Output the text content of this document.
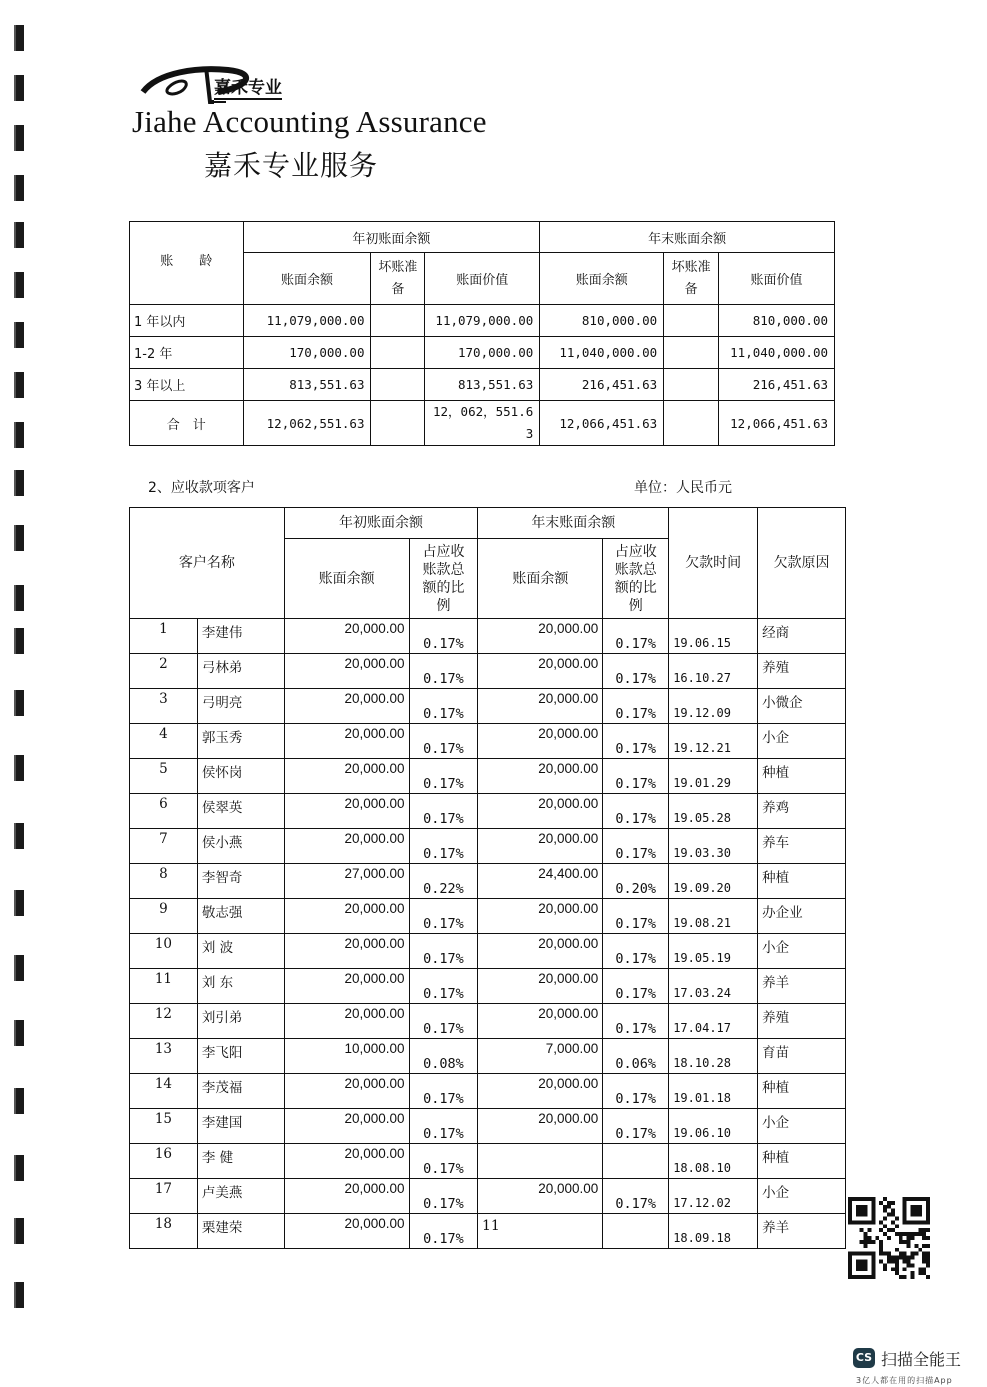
嘉禾专业
Jiahe Accounting Assurance
嘉禾专业服务
账　　龄	年初账面余额			年末账面余额		
	账面余额	坏账准备	账面价值	账面余额	坏账准备	账面价值
1 年以内	11,079,000.00		11,079,000.00	810,000.00		810,000.00
1-2 年	170,000.00		170,000.00	11,040,000.00		11,040,000.00
3 年以上	813,551.63		813,551.63	216,451.63		216,451.63
合　计	12,062,551.63		12，062，551.63	12,066,451.63		12,066,451.63
2、应收款项客户	单位：人民币元
客户名称		年初账面余额		年末账面余额		欠款时间	欠款原因
		账面余额	占应收账款总额的比例	账面余额	占应收账款总额的比例		
1	李建伟	20,000.00	0.17%	20,000.00	0.17%	19.06.15	经商
2	弓林弟	20,000.00	0.17%	20,000.00	0.17%	16.10.27	养殖
3	弓明亮	20,000.00	0.17%	20,000.00	0.17%	19.12.09	小微企
4	郭玉秀	20,000.00	0.17%	20,000.00	0.17%	19.12.21	小企
5	侯怀岗	20,000.00	0.17%	20,000.00	0.17%	19.01.29	种植
6	侯翠英	20,000.00	0.17%	20,000.00	0.17%	19.05.28	养鸡
7	侯小燕	20,000.00	0.17%	20,000.00	0.17%	19.03.30	养车
8	李智奇	27,000.00	0.22%	24,400.00	0.20%	19.09.20	种植
9	敬志强	20,000.00	0.17%	20,000.00	0.17%	19.08.21	办企业
10	刘 波	20,000.00	0.17%	20,000.00	0.17%	19.05.19	小企
11	刘 东	20,000.00	0.17%	20,000.00	0.17%	17.03.24	养羊
12	刘引弟	20,000.00	0.17%	20,000.00	0.17%	17.04.17	养殖
13	李飞阳	10,000.00	0.08%	7,000.00	0.06%	18.10.28	育苗
14	李茂福	20,000.00	0.17%	20,000.00	0.17%	19.01.18	种植
15	李建国	20,000.00	0.17%	20,000.00	0.17%	19.06.10	小企
16	李 健	20,000.00	0.17%			18.08.10	种植
17	卢美燕	20,000.00	0.17%	20,000.00	0.17%	17.12.02	小企
18	栗建荣	20,000.00	0.17%			18.09.18	养羊
11
CS 扫描全能王
3亿人都在用的扫描App
